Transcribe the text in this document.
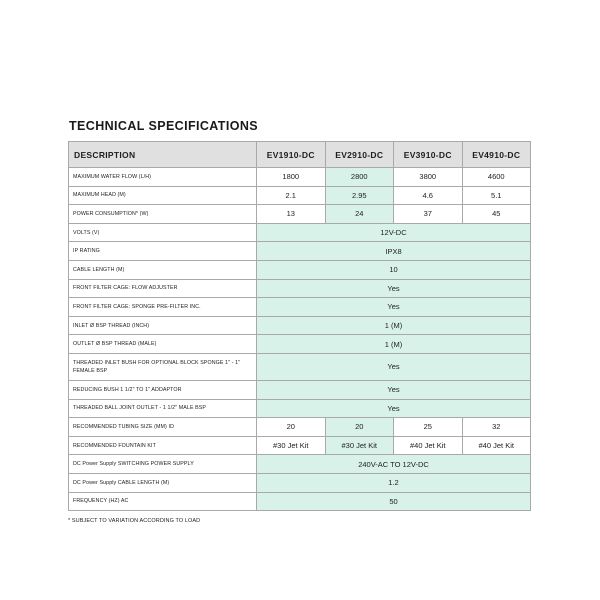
TECHNICAL SPECIFICATIONS
DESCRIPTION	EV1910-DC	EV2910-DC	EV3910-DC	EV4910-DC
MAXIMUM WATER FLOW (L/H)	1800	2800	3800	4600
MAXIMUM HEAD (M)	2.1	2.95	4.6	5.1
POWER CONSUMPTION* (W)	13	24	37	45
VOLTS (V)	12V-DC			
IP RATING	IPX8			
CABLE LENGTH (M)	10			
FRONT FILTER CAGE: FLOW ADJUSTER	Yes			
FRONT FILTER CAGE: SPONGE PRE-FILTER INC.	Yes			
INLET Ø BSP THREAD (INCH)	1 (M)			
OUTLET Ø BSP THREAD (MALE)	1 (M)			
THREADED INLET BUSH FOR OPTIONAL BLOCK SPONGE 1" - 1" FEMALE BSP	Yes			
REDUCING BUSH 1 1/2" TO 1" ADDAPTOR	Yes			
THREADED BALL JOINT OUTLET - 1 1/2" MALE BSP	Yes			
RECOMMENDED TUBING SIZE (MM) ID	20	20	25	32
RECOMMENDED FOUNTAIN KIT	#30 Jet Kit	#30 Jet Kit	#40 Jet Kit	#40 Jet Kit
DC Power Supply SWITCHING POWER SUPPLY	240V-AC TO 12V-DC			
DC Power Supply CABLE LENGTH (M)	1.2			
FREQUENCY (HZ) AC	50			

* SUBJECT TO VARIATION ACCORDING TO LOAD
